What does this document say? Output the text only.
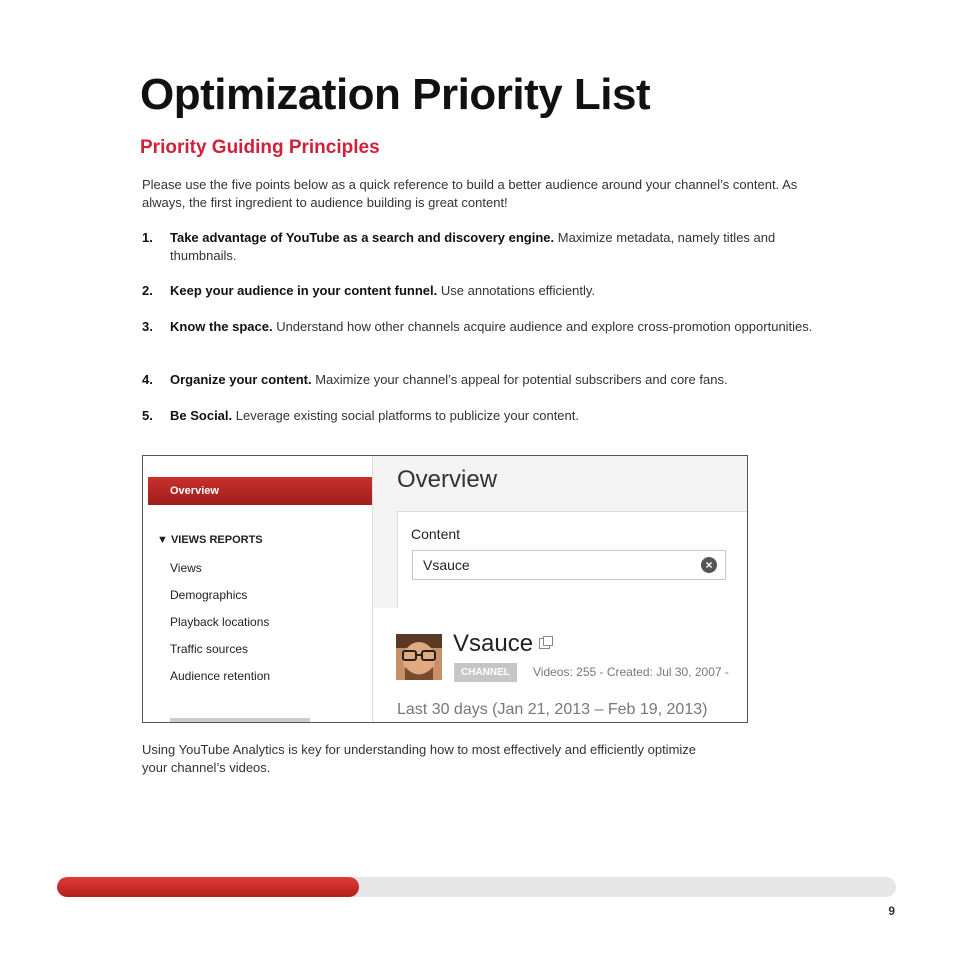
Optimization Priority List
Priority Guiding Principles

Please use the five points below as a quick reference to build a better audience around your channel’s content. As always, the first ingredient to audience building is great content!

1. Take advantage of YouTube as a search and discovery engine. Maximize metadata, namely titles and thumbnails.
2. Keep your audience in your content funnel. Use annotations efficiently.
3. Know the space. Understand how other channels acquire audience and explore cross-promotion opportunities.
4. Organize your content. Maximize your channel’s appeal for potential subscribers and core fans.
5. Be Social. Leverage existing social platforms to publicize your content.
Overview
▼ VIEWS REPORTS
Views
Demographics
Playback locations
Traffic sources
Audience retention
Overview
Content
Vsauce
×
Vsauce
CHANNEL	Videos: 255 - Created: Jul 30, 2007 -
Last 30 days (Jan 21, 2013 – Feb 19, 2013)

Using YouTube Analytics is key for understanding how to most effectively and efficiently optimize your channel’s videos.

9
